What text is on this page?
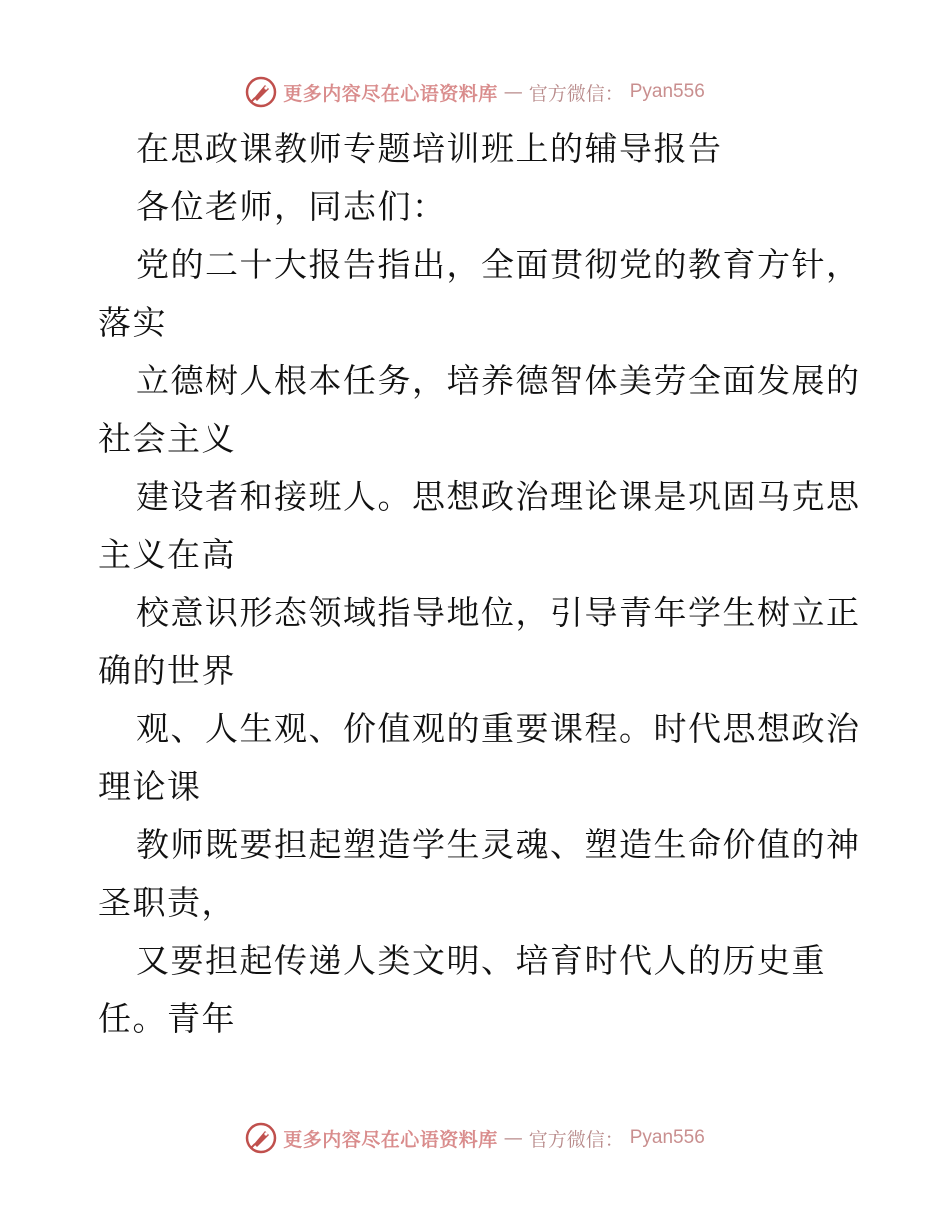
更多内容尽在心语资料库 — 官方微信： Pyan556
在思政课教师专题培训班上的辅导报告
各位老师，同志们：
党的二十大报告指出，全面贯彻党的教育方针，
落实
立德树人根本任务，培养德智体美劳全面发展的
社会主义
建设者和接班人。思想政治理论课是巩固马克思
主义在高
校意识形态领域指导地位，引导青年学生树立正
确的世界
观、人生观、价值观的重要课程。时代思想政治
理论课
教师既要担起塑造学生灵魂、塑造生命价值的神
圣职责，
又要担起传递人类文明、培育时代人的历史重
任。青年
更多内容尽在心语资料库 — 官方微信： Pyan556
